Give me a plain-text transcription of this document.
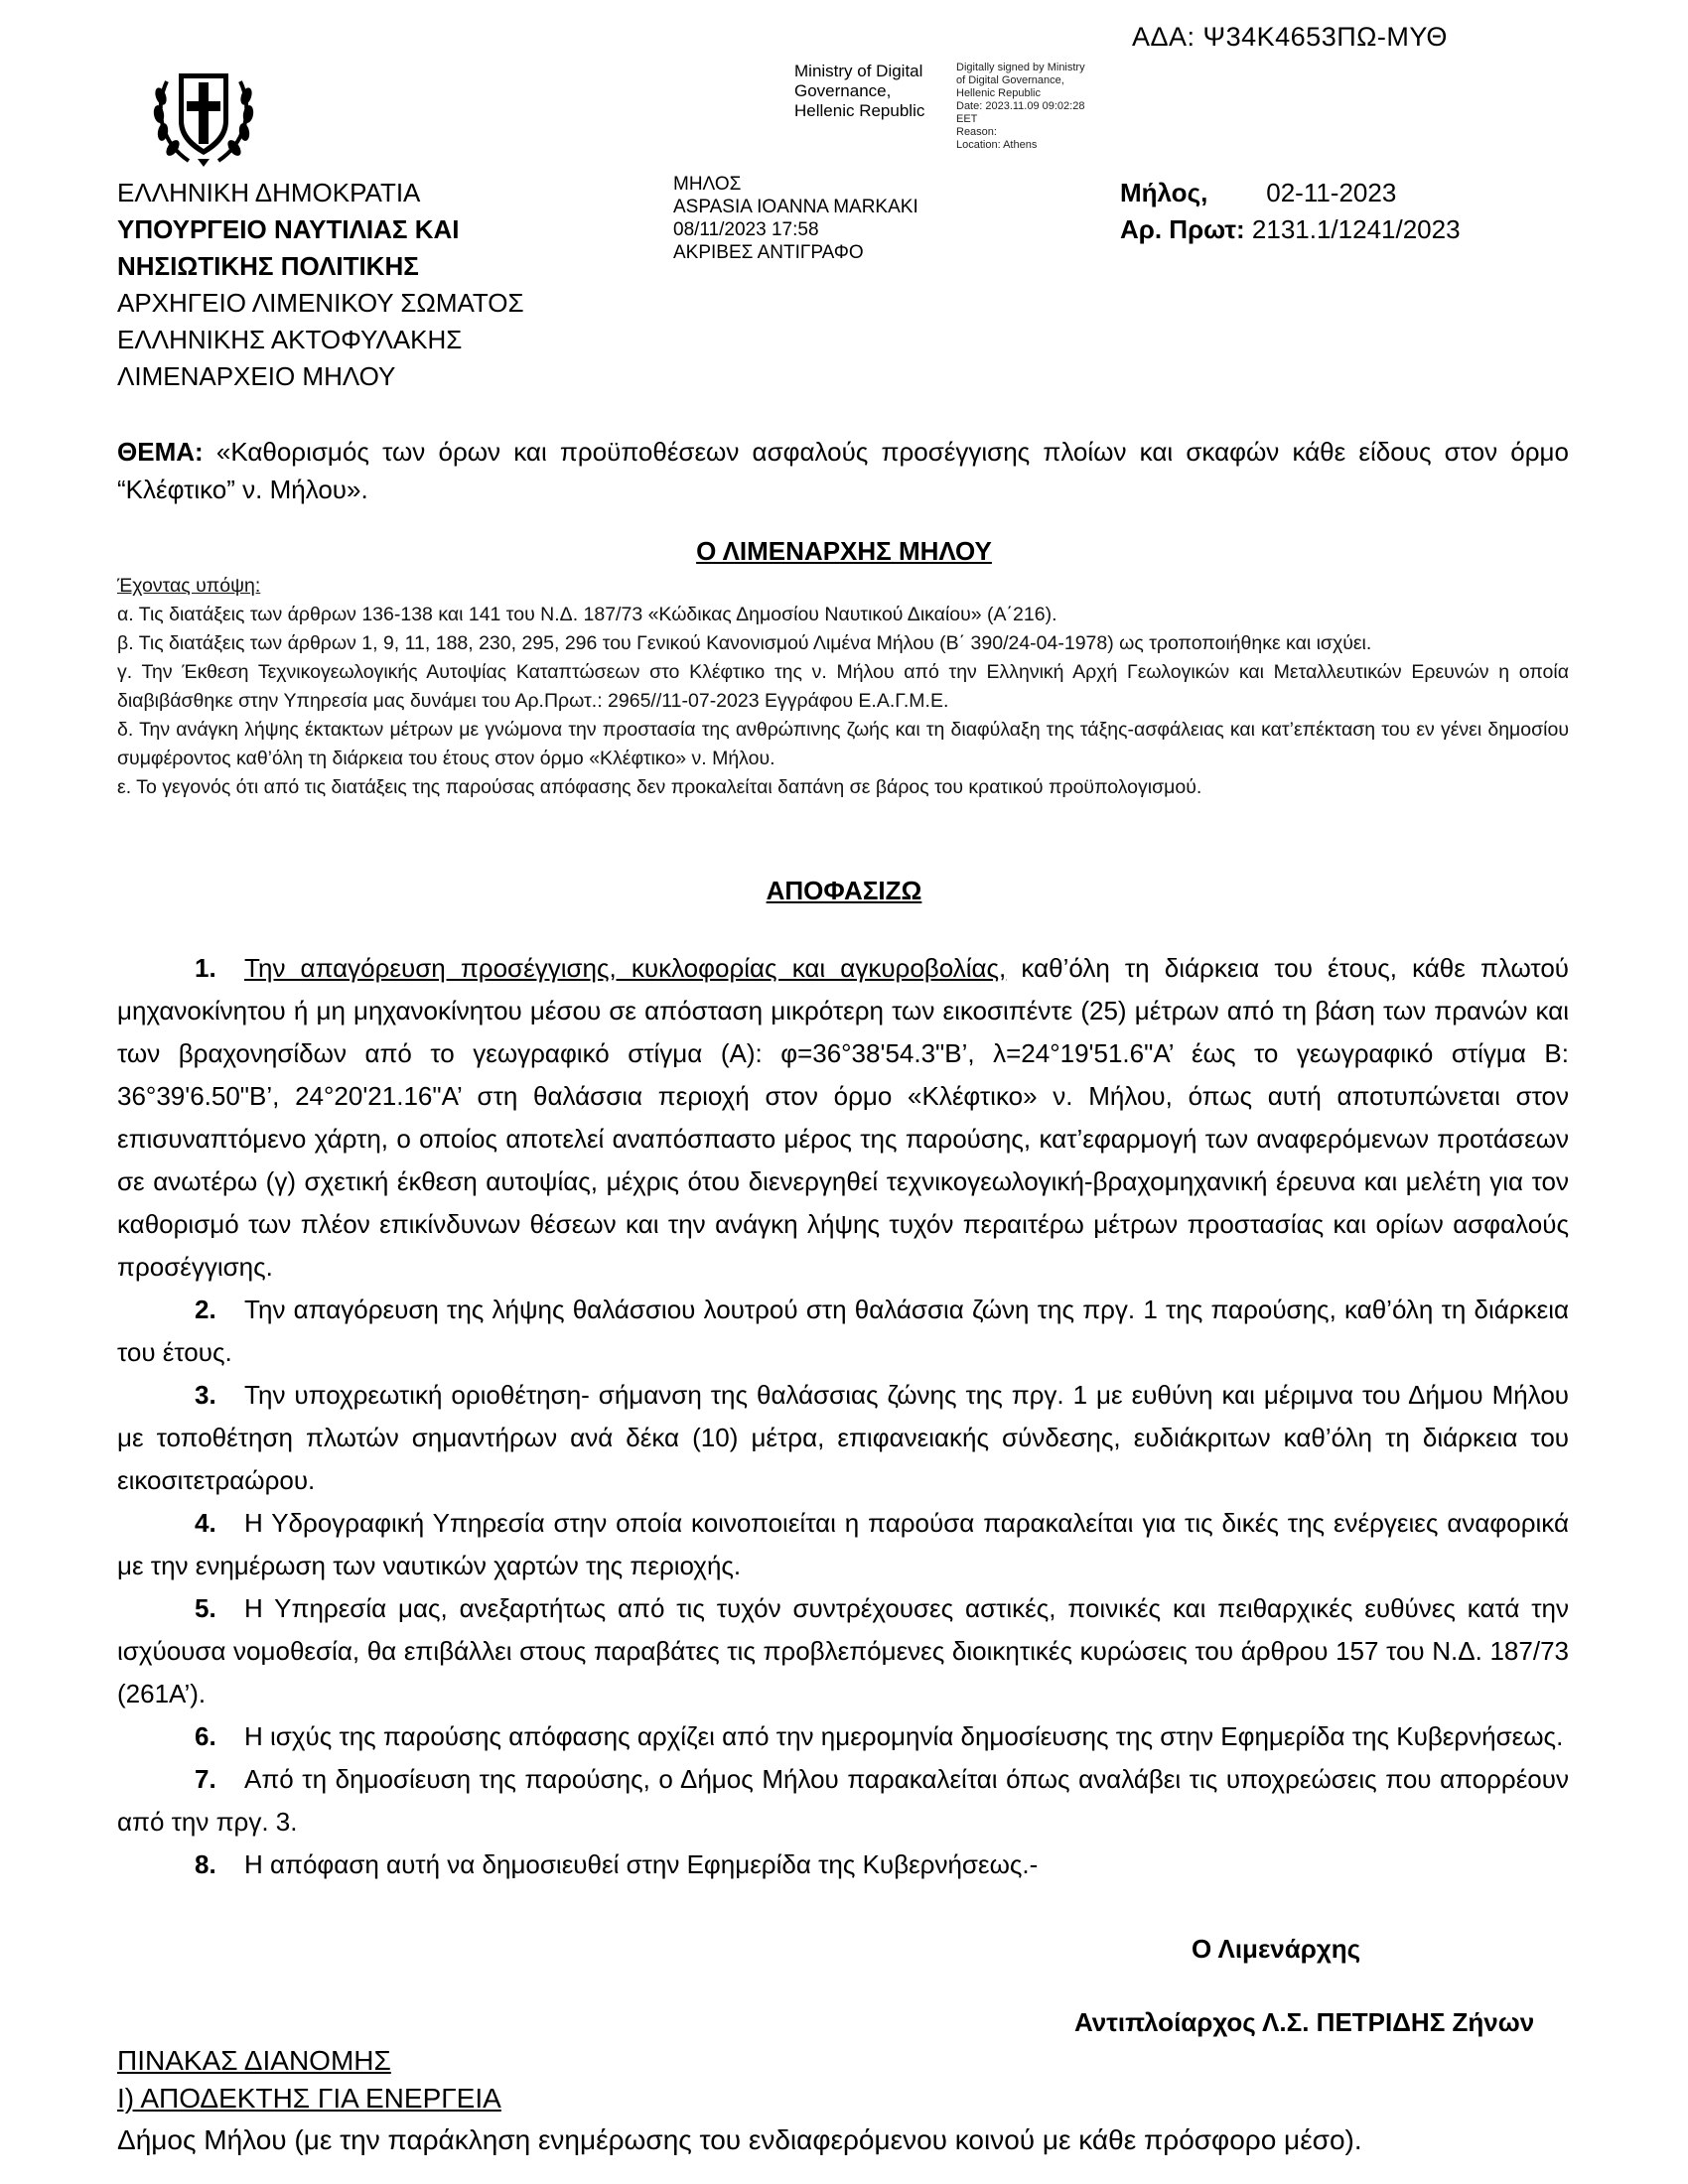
ΑΔΑ: Ψ34Κ4653ΠΩ-ΜΥΘ
Ministry of Digital
Governance,
Hellenic Republic
Digitally signed by Ministry
of Digital Governance,
Hellenic Republic
Date: 2023.11.09 09:02:28
EET
Reason:
Location: Athens
ΕΛΛΗΝΙΚΗ ΔΗΜΟΚΡΑΤΙΑ
ΥΠΟΥΡΓΕΙΟ ΝΑΥΤΙΛΙΑΣ ΚΑΙ
ΝΗΣΙΩΤΙΚΗΣ ΠΟΛΙΤΙΚΗΣ
ΑΡΧΗΓΕΙΟ ΛΙΜΕΝΙΚΟΥ ΣΩΜΑΤΟΣ
ΕΛΛΗΝΙΚΗΣ ΑΚΤΟΦΥΛΑΚΗΣ
ΛΙΜΕΝΑΡΧΕΙΟ ΜΗΛΟΥ
ΜΗΛΟΣ
ASPASIA IOANNA MARKAKI
08/11/2023 17:58
ΑΚΡΙΒΕΣ ΑΝΤΙΓΡΑΦΟ
Μήλος, 02-11-2023
Αρ. Πρωτ: 2131.1/1241/2023
ΘΕΜΑ: «Καθορισμός των όρων και προϋποθέσεων ασφαλούς προσέγγισης πλοίων και σκαφών κάθε είδους στον όρμο “Κλέφτικο” ν. Μήλου».
Ο ΛΙΜΕΝΑΡΧΗΣ ΜΗΛΟΥ

Έχοντας υπόψη:

α. Τις διατάξεις των άρθρων 136-138 και 141 του Ν.Δ. 187/73 «Κώδικας Δημοσίου Ναυτικού Δικαίου» (Α΄216).

β. Τις διατάξεις των άρθρων 1, 9, 11, 188, 230, 295, 296 του Γενικού Κανονισμού Λιμένα Μήλου (Β΄ 390/24-04-1978) ως τροποποιήθηκε και ισχύει.

γ. Την Έκθεση Τεχνικογεωλογικής Αυτοψίας Καταπτώσεων στο Κλέφτικο της ν. Μήλου από την Ελληνική Αρχή Γεωλογικών και Μεταλλευτικών Ερευνών η οποία διαβιβάσθηκε στην Υπηρεσία μας δυνάμει του Αρ.Πρωτ.: 2965//11-07-2023 Εγγράφου Ε.Α.Γ.Μ.Ε.

δ. Την ανάγκη λήψης έκτακτων μέτρων με γνώμονα την προστασία της ανθρώπινης ζωής και τη διαφύλαξη της τάξης-ασφάλειας και κατ’επέκταση του εν γένει δημοσίου συμφέροντος καθ’όλη τη διάρκεια του έτους στον όρμο «Κλέφτικο» ν. Μήλου.

ε. Το γεγονός ότι από τις διατάξεις της παρούσας απόφασης δεν προκαλείται δαπάνη σε βάρος του κρατικού προϋπολογισμού.

ΑΠΟΦΑΣΙΖΩ

1. Την απαγόρευση προσέγγισης, κυκλοφορίας και αγκυροβολίας, καθ’όλη τη διάρκεια του έτους, κάθε πλωτού μηχανοκίνητου ή μη μηχανοκίνητου μέσου σε απόσταση μικρότερη των εικοσιπέντε (25) μέτρων από τη βάση των πρανών και των βραχονησίδων από το γεωγραφικό στίγμα (Α): φ=36°38'54.3"Β’, λ=24°19'51.6"Α’ έως το γεωγραφικό στίγμα Β: 36°39'6.50"Β’, 24°20'21.16"Α’ στη θαλάσσια περιοχή στον όρμο «Κλέφτικο» ν. Μήλου, όπως αυτή αποτυπώνεται στον επισυναπτόμενο χάρτη, ο οποίος αποτελεί αναπόσπαστο μέρος της παρούσης, κατ’εφαρμογή των αναφερόμενων προτάσεων σε ανωτέρω (γ) σχετική έκθεση αυτοψίας, μέχρις ότου διενεργηθεί τεχνικογεωλογική-βραχομηχανική έρευνα και μελέτη για τον καθορισμό των πλέον επικίνδυνων θέσεων και την ανάγκη λήψης τυχόν περαιτέρω μέτρων προστασίας και ορίων ασφαλούς προσέγγισης.

2. Την απαγόρευση της λήψης θαλάσσιου λουτρού στη θαλάσσια ζώνη της πργ. 1 της παρούσης, καθ’όλη τη διάρκεια του έτους.

3. Την υποχρεωτική οριοθέτηση- σήμανση της θαλάσσιας ζώνης της πργ. 1 με ευθύνη και μέριμνα του Δήμου Μήλου με τοποθέτηση πλωτών σημαντήρων ανά δέκα (10) μέτρα, επιφανειακής σύνδεσης, ευδιάκριτων καθ’όλη τη διάρκεια του εικοσιτετραώρου.

4. Η Υδρογραφική Υπηρεσία στην οποία κοινοποιείται η παρούσα παρακαλείται για τις δικές της ενέργειες αναφορικά με την ενημέρωση των ναυτικών χαρτών της περιοχής.

5. Η Υπηρεσία μας, ανεξαρτήτως από τις τυχόν συντρέχουσες αστικές, ποινικές και πειθαρχικές ευθύνες κατά την ισχύουσα νομοθεσία, θα επιβάλλει στους παραβάτες τις προβλεπόμενες διοικητικές κυρώσεις του άρθρου 157 του Ν.Δ. 187/73 (261Α’).

6. Η ισχύς της παρούσης απόφασης αρχίζει από την ημερομηνία δημοσίευσης της στην Εφημερίδα της Κυβερνήσεως.

7. Από τη δημοσίευση της παρούσης, ο Δήμος Μήλου παρακαλείται όπως αναλάβει τις υποχρεώσεις που απορρέουν από την πργ. 3.

8. Η απόφαση αυτή να δημοσιευθεί στην Εφημερίδα της Κυβερνήσεως.-

Ο Λιμενάρχης
Αντιπλοίαρχος Λ.Σ. ΠΕΤΡΙΔΗΣ Ζήνων
ΠΙΝΑΚΑΣ ΔΙΑΝΟΜΗΣ
Ι) ΑΠΟΔΕΚΤΗΣ ΓΙΑ ΕΝΕΡΓΕΙΑ
Δήμος Μήλου (με την παράκληση ενημέρωσης του ενδιαφερόμενου κοινού με κάθε πρόσφορο μέσο).
